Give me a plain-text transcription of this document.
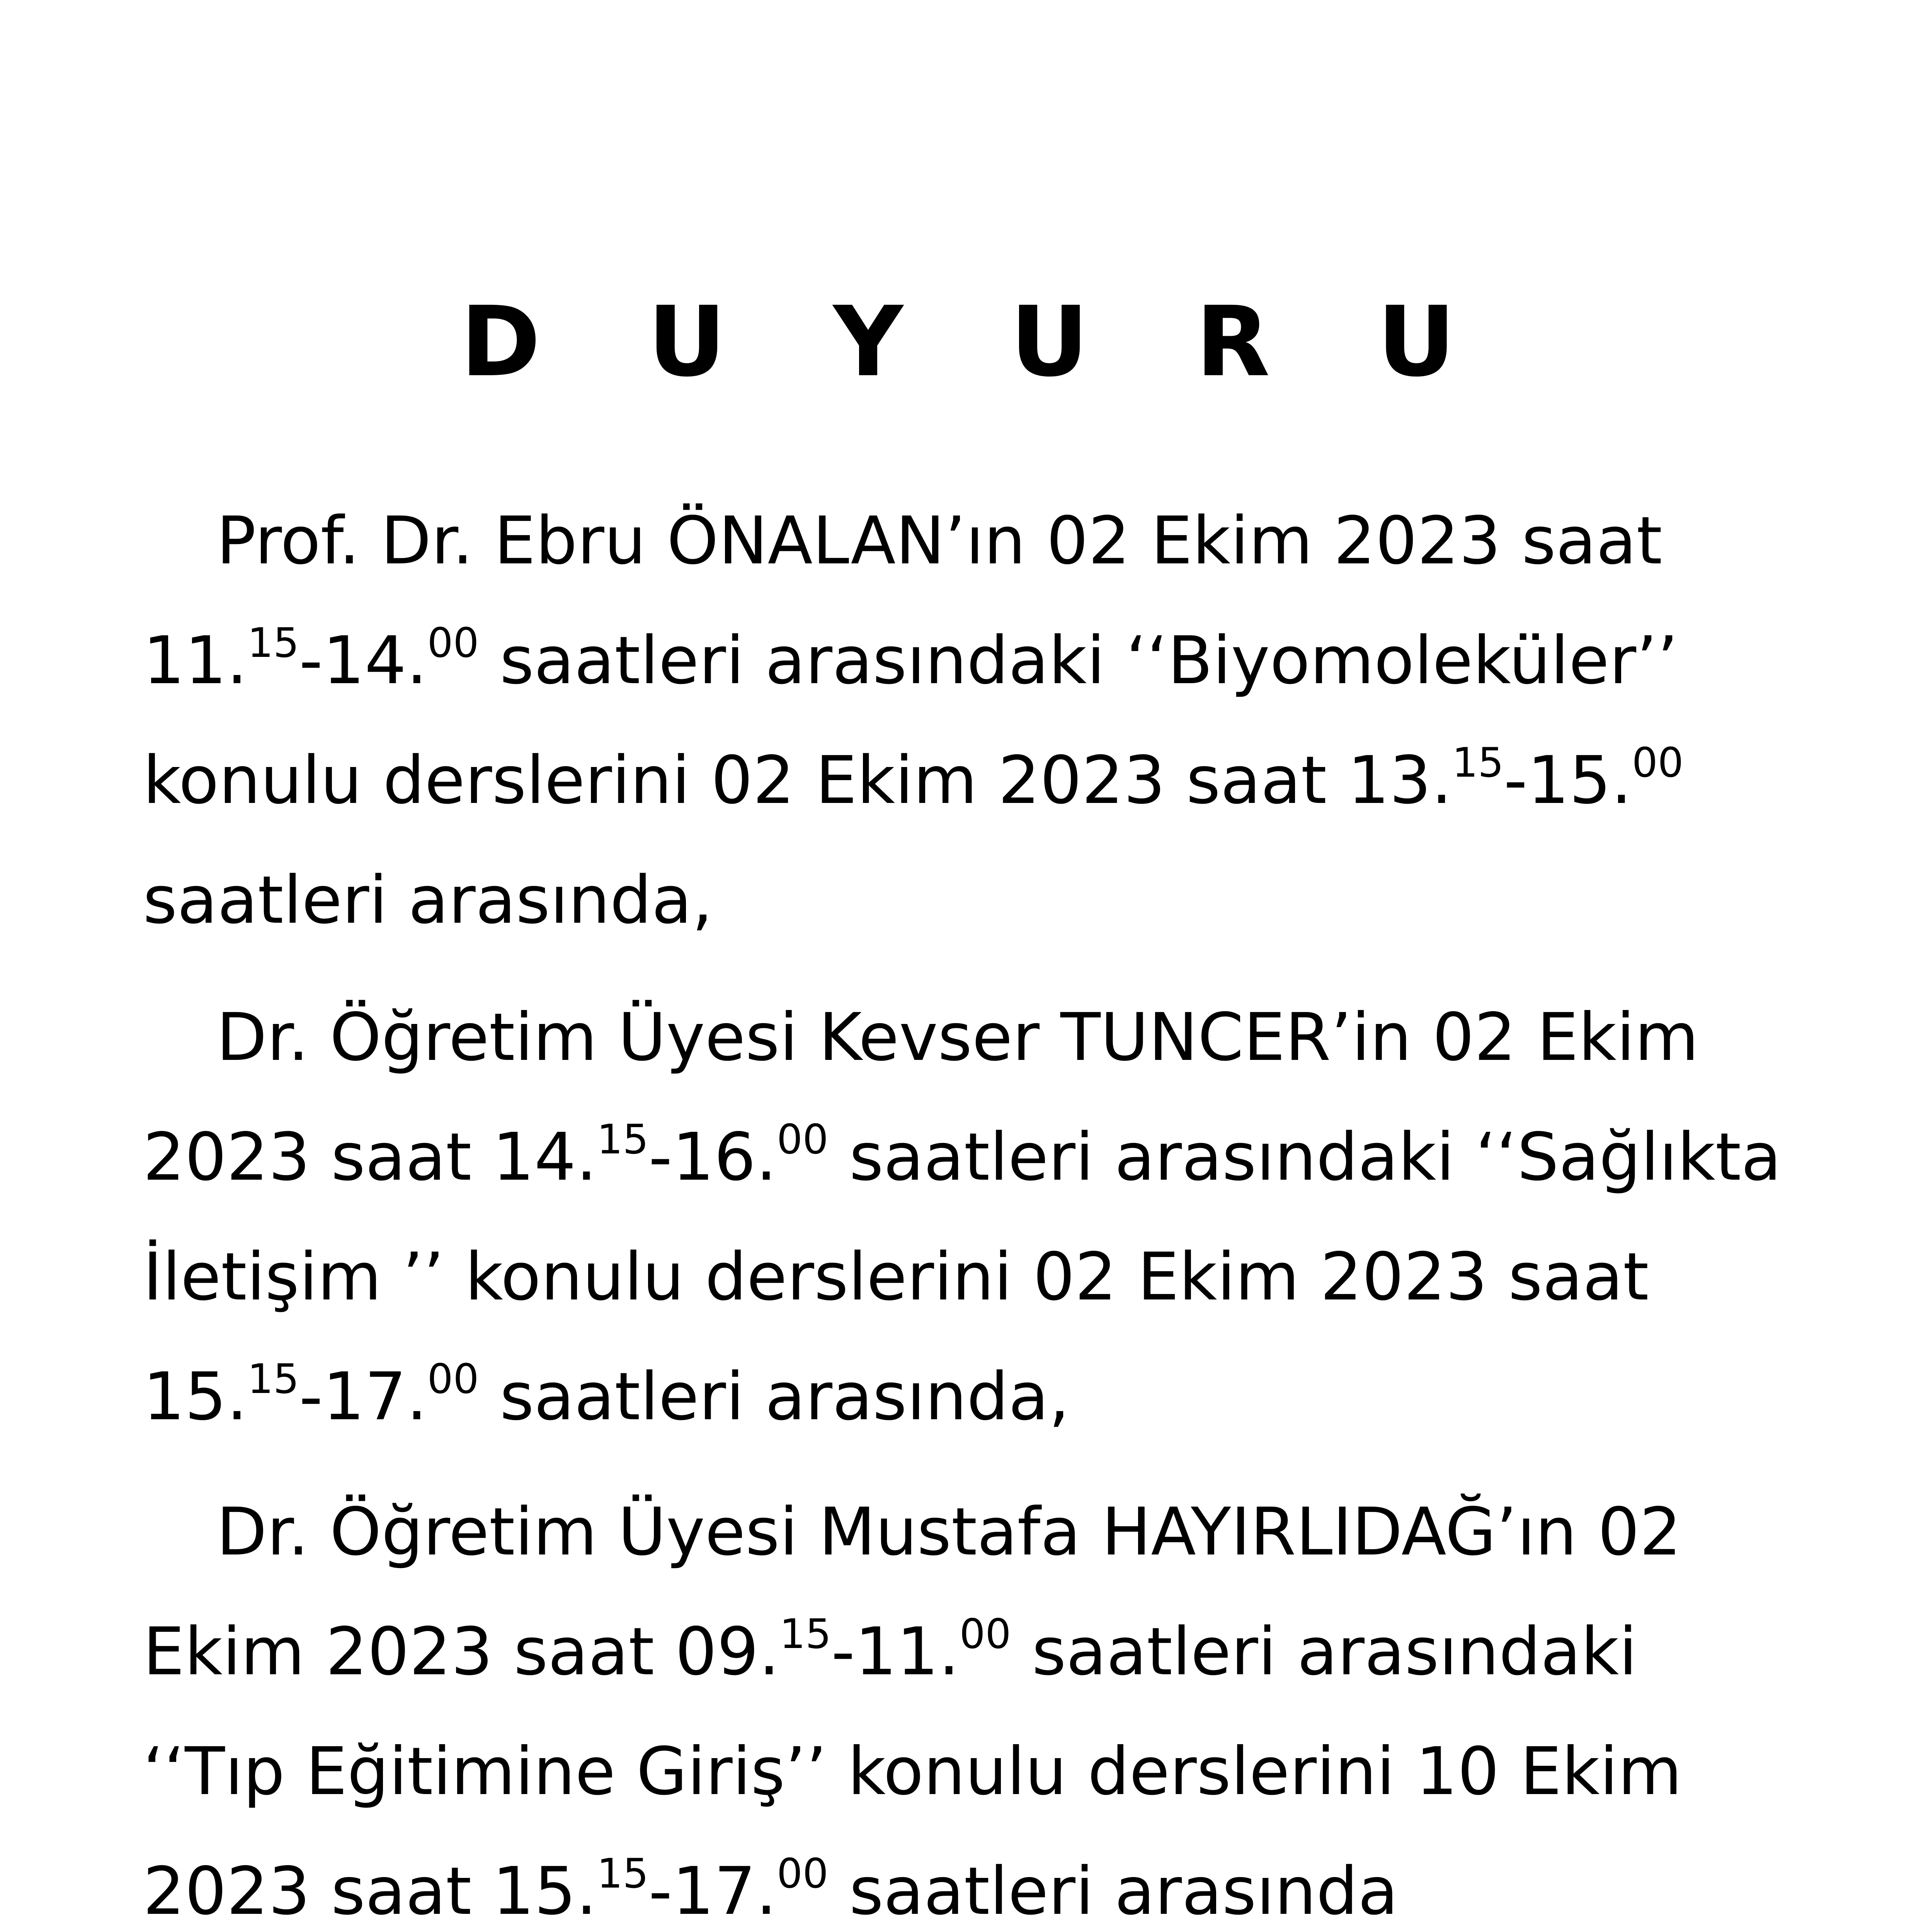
D U Y U R U
Prof. Dr. Ebru ÖNALAN’ın 02 Ekim 2023 saat
11.15-14.00 saatleri arasındaki ‘‘Biyomoleküler’’
konulu derslerini 02 Ekim 2023 saat 13.15-15.00
saatleri arasında,
Dr. Öğretim Üyesi Kevser TUNCER’in 02 Ekim
2023 saat 14.15-16.00 saatleri arasındaki ‘‘Sağlıkta
İletişim ’’ konulu derslerini 02 Ekim 2023 saat
15.15-17.00 saatleri arasında,
Dr. Öğretim Üyesi Mustafa HAYIRLIDAĞ’ın 02
Ekim 2023 saat 09.15-11.00 saatleri arasındaki
‘‘Tıp Eğitimine Giriş’’ konulu derslerini 10 Ekim
2023 saat 15.15-17.00 saatleri arasında
